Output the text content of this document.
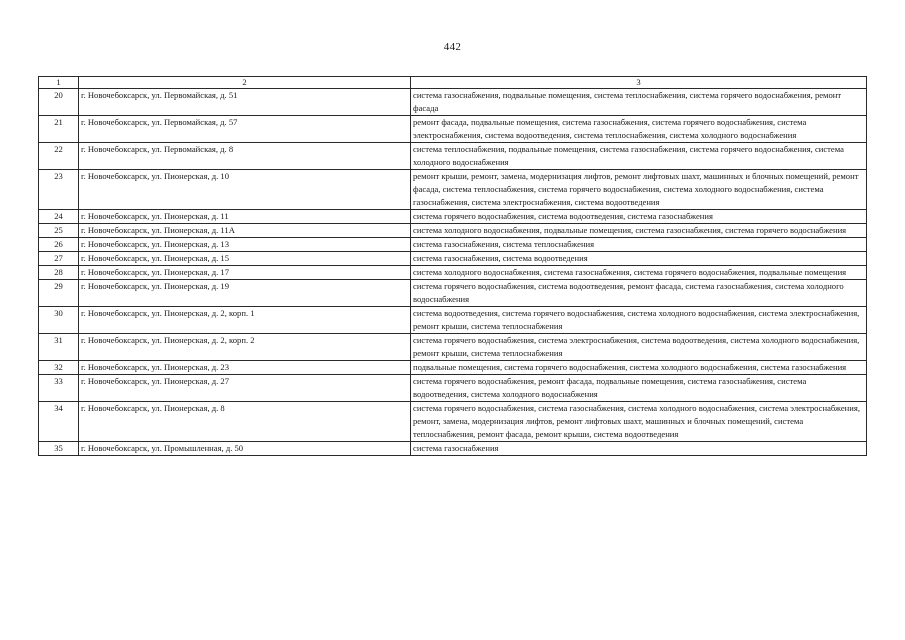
442
1	2	3
20	г. Новочебоксарск, ул. Первомайская, д. 51	система газоснабжения, подвальные помещения, система теплоснабжения, система горячего водоснабжения, ремонт фасада
21	г. Новочебоксарск, ул. Первомайская, д. 57	ремонт фасада, подвальные помещения, система газоснабжения, система горячего водоснабжения, система электроснабжения, система водоотведения, система теплоснабжения, система холодного водоснабжения
22	г. Новочебоксарск, ул. Первомайская, д. 8	система теплоснабжения, подвальные помещения, система газоснабжения, система горячего водоснабжения, система холодного водоснабжения
23	г. Новочебоксарск, ул. Пионерская, д. 10	ремонт крыши, ремонт, замена, модернизация лифтов, ремонт лифтовых шахт, машинных и блочных помещений, ремонт фасада, система теплоснабжения, система горячего водоснабжения, система холодного водоснабжения, система газоснабжения, система электроснабжения, система водоотведения
24	г. Новочебоксарск, ул. Пионерская, д. 11	система горячего водоснабжения, система водоотведения, система газоснабжения
25	г. Новочебоксарск, ул. Пионерская, д. 11А	система холодного водоснабжения, подвальные помещения, система газоснабжения, система горячего водоснабжения
26	г. Новочебоксарск, ул. Пионерская, д. 13	система газоснабжения, система теплоснабжения
27	г. Новочебоксарск, ул. Пионерская, д. 15	система газоснабжения, система водоотведения
28	г. Новочебоксарск, ул. Пионерская, д. 17	система холодного водоснабжения, система газоснабжения, система горячего водоснабжения, подвальные помещения
29	г. Новочебоксарск, ул. Пионерская, д. 19	система горячего водоснабжения, система водоотведения, ремонт фасада, система газоснабжения, система холодного водоснабжения
30	г. Новочебоксарск, ул. Пионерская, д. 2, корп. 1	система водоотведения, система горячего водоснабжения, система холодного водоснабжения, система электроснабжения, ремонт крыши, система теплоснабжения
31	г. Новочебоксарск, ул. Пионерская, д. 2, корп. 2	система горячего водоснабжения, система электроснабжения, система водоотведения, система холодного водоснабжения, ремонт крыши, система теплоснабжения
32	г. Новочебоксарск, ул. Пионерская, д. 23	подвальные помещения, система горячего водоснабжения, система холодного водоснабжения, система газоснабжения
33	г. Новочебоксарск, ул. Пионерская, д. 27	система горячего водоснабжения, ремонт фасада, подвальные помещения, система газоснабжения, система водоотведения, система холодного водоснабжения
34	г. Новочебоксарск, ул. Пионерская, д. 8	система горячего водоснабжения, система газоснабжения, система холодного водоснабжения, система электроснабжения, ремонт, замена, модернизация лифтов, ремонт лифтовых шахт, машинных и блочных помещений, система теплоснабжения, ремонт фасада, ремонт крыши, система водоотведения
35	г. Новочебоксарск, ул. Промышленная, д. 50	система газоснабжения
